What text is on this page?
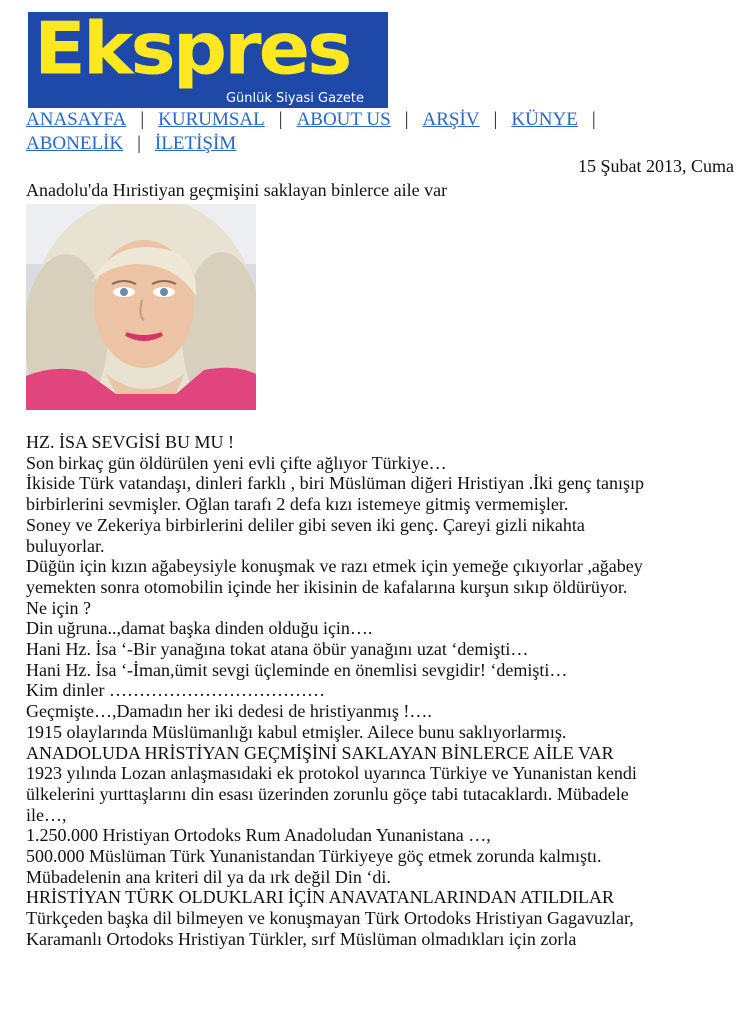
Ekspres
Günlük Siyasi Gazete
ANASAYFA | KURUMSAL | ABOUT US | ARŞİV | KÜNYE |
ABONELİK | İLETİŞİM
15 Şubat 2013, Cuma
Anadolu'da Hıristiyan geçmişini saklayan binlerce aile var

HZ. İSA SEVGİSİ BU MU !

Son birkaç gün öldürülen yeni evli çifte ağlıyor Türkiye…

İkiside Türk vatandaşı, dinleri farklı , biri Müslüman diğeri Hristiyan .İki genç tanışıp

birbirlerini sevmişler. Oğlan tarafı 2 defa kızı istemeye gitmiş vermemişler.

Soney ve Zekeriya birbirlerini deliler gibi seven iki genç. Çareyi gizli nikahta

buluyorlar.

Düğün için kızın ağabeysiyle konuşmak ve razı etmek için yemeğe çıkıyorlar ,ağabey

yemekten sonra otomobilin içinde her ikisinin de kafalarına kurşun sıkıp öldürüyor.

Ne için ?

Din uğruna..,damat başka dinden olduğu için….

Hani Hz. İsa ‘-Bir yanağına tokat atana öbür yanağını uzat ‘demişti…

Hani Hz. İsa ‘-İman,ümit sevgi üçleminde en önemlisi sevgidir! ‘demişti…

Kim dinler ………………………………

Geçmişte…,Damadın her iki dedesi de hristiyanmış !….

1915 olaylarında Müslümanlığı kabul etmişler. Ailece bunu saklıyorlarmış.

ANADOLUDA HRİSTİYAN GEÇMİŞİNİ SAKLAYAN BİNLERCE AİLE VAR

1923 yılında Lozan anlaşmasıdaki ek protokol uyarınca Türkiye ve Yunanistan kendi

ülkelerini yurttaşlarını din esası üzerinden zorunlu göçe tabi tutacaklardı. Mübadele

ile…,

1.250.000 Hristiyan Ortodoks Rum Anadoludan Yunanistana …,

500.000 Müslüman Türk Yunanistandan Türkiyeye göç etmek zorunda kalmıştı.

Mübadelenin ana kriteri dil ya da ırk değil Din ‘di.

HRİSTİYAN TÜRK OLDUKLARI İÇİN ANAVATANLARINDAN ATILDILAR

Türkçeden başka dil bilmeyen ve konuşmayan Türk Ortodoks Hristiyan Gagavuzlar,

Karamanlı Ortodoks Hristiyan Türkler, sırf Müslüman olmadıkları için zorla
